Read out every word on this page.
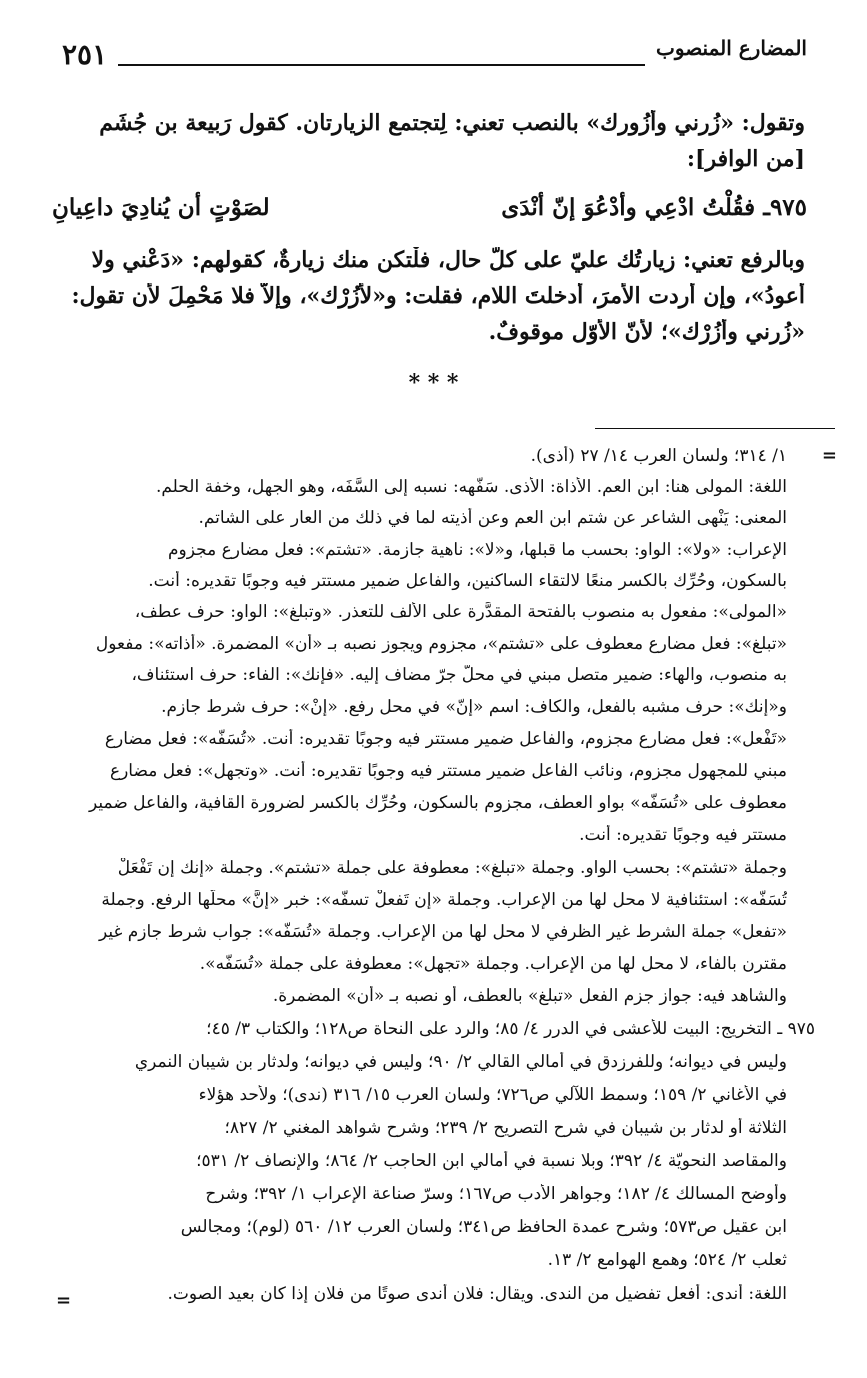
المضارع المنصوب
٢٥١
وتقول: «زُرني وأزُورك» بالنصب تعني: لِتجتمعِ الزيارتان. كقول رَبيعة بن جُشَم
[من الوافر]:
٩٧٥ـ فقُلْتُ ادْعِي وأدْعُوَ إنّ أنْدَى
لصَوْتٍ أن يُنادِيَ داعِيانِ
وبالرفع تعني: زيارتُك عليّ على كلّ حال، فلْتكن منك زيارةٌ، كقولهم: «دَعْني ولا
أعودُ»، وإن أردت الأمرَ، أدخلتَ اللام، فقلت: و«لأزُرْك»، وإلاّ فلا مَحْمِلَ لأن تقول:
«زُرني وأزُرْك»؛ لأنّ الأوّل موقوفٌ.
* * *
=
١/ ٣١٤؛ ولسان العرب ١٤/ ٢٧ (أذى).
اللغة: المولى هنا: ابن العم. الأذاة: الأذى. سَفَّهه: نسبه إلى السَّفَه، وهو الجهل، وخفة الحلم.
المعنى: يَنْهى الشاعر عن شتم ابن العم وعن أذيته لما في ذلك من العار على الشاتم.
الإعراب: «ولا»: الواو: بحسب ما قبلها، و«لا»: ناهية جازمة. «تشتم»: فعل مضارع مجزوم
بالسكون، وحُرِّك بالكسر منعًا لالتقاء الساكنين، والفاعل ضمير مستتر فيه وجوبًا تقديره: أنت.
«المولى»: مفعول به منصوب بالفتحة المقدَّرة على الألف للتعذر. «وتبلغ»: الواو: حرف عطف،
«تبلغ»: فعل مضارع معطوف على «تشتم»، مجزوم ويجوز نصبه بـ «أن» المضمرة. «أذاته»: مفعول
به منصوب، والهاء: ضمير متصل مبني في محلّ جرّ مضاف إليه. «فإنك»: الفاء: حرف استئناف،
و«إنك»: حرف مشبه بالفعل، والكاف: اسم «إنّ» في محل رفع. «إنْ»: حرف شرط جازم.
«تَفْعل»: فعل مضارع مجزوم، والفاعل ضمير مستتر فيه وجوبًا تقديره: أنت. «تُسَفَّه»: فعل مضارع
مبني للمجهول مجزوم، ونائب الفاعل ضمير مستتر فيه وجوبًا تقديره: أنت. «وتجهل»: فعل مضارع
معطوف على «تُسَفَّه» بواو العطف، مجزوم بالسكون، وحُرِّك بالكسر لضرورة القافية، والفاعل ضمير
مستتر فيه وجوبًا تقديره: أنت.
وجملة «تشتم»: بحسب الواو. وجملة «تبلغ»: معطوفة على جملة «تشتم». وجملة «إنك إن تَفْعَلْ
تُسَفَّه»: استئنافية لا محل لها من الإعراب. وجملة «إن تَفعلْ تسفَّه»: خبر «إنَّ» محلُّها الرفع. وجملة
«تفعل» جملة الشرط غير الظرفي لا محل لها من الإعراب. وجملة «تُسَفَّه»: جواب شرط جازم غير
مقترن بالفاء، لا محل لها من الإعراب. وجملة «تجهل»: معطوفة على جملة «تُسَفَّه».
والشاهد فيه: جواز جزم الفعل «تبلغ» بالعطف، أو نصبه بـ «أن» المضمرة.
٩٧٥ ـ التخريج: البيت للأعشى في الدرر ٤/ ٨٥؛ والرد على النحاة ص١٢٨؛ والكتاب ٣/ ٤٥؛
وليس في ديوانه؛ وللفرزدق في أمالي القالي ٢/ ٩٠؛ وليس في ديوانه؛ ولدثار بن شيبان النمري
في الأغاني ٢/ ١٥٩؛ وسمط اللآلي ص٧٢٦؛ ولسان العرب ١٥/ ٣١٦ (ندى)؛ ولأحد هؤلاء
الثلاثة أو لدثار بن شيبان في شرح التصريح ٢/ ٢٣٩؛ وشرح شواهد المغني ٢/ ٨٢٧؛
والمقاصد النحويّة ٤/ ٣٩٢؛ وبلا نسبة في أمالي ابن الحاجب ٢/ ٨٦٤؛ والإنصاف ٢/ ٥٣١؛
وأوضح المسالك ٤/ ١٨٢؛ وجواهر الأدب ص١٦٧؛ وسرّ صناعة الإعراب ١/ ٣٩٢؛ وشرح
ابن عقيل ص٥٧٣؛ وشرح عمدة الحافظ ص٣٤١؛ ولسان العرب ١٢/ ٥٦٠ (لوم)؛ ومجالس
ثعلب ٢/ ٥٢٤؛ وهمع الهوامع ٢/ ١٣.
اللغة: أندى: أفعل تفضيل من الندى. ويقال: فلان أندى صوتًا من فلان إذا كان بعيد الصوت.
=
